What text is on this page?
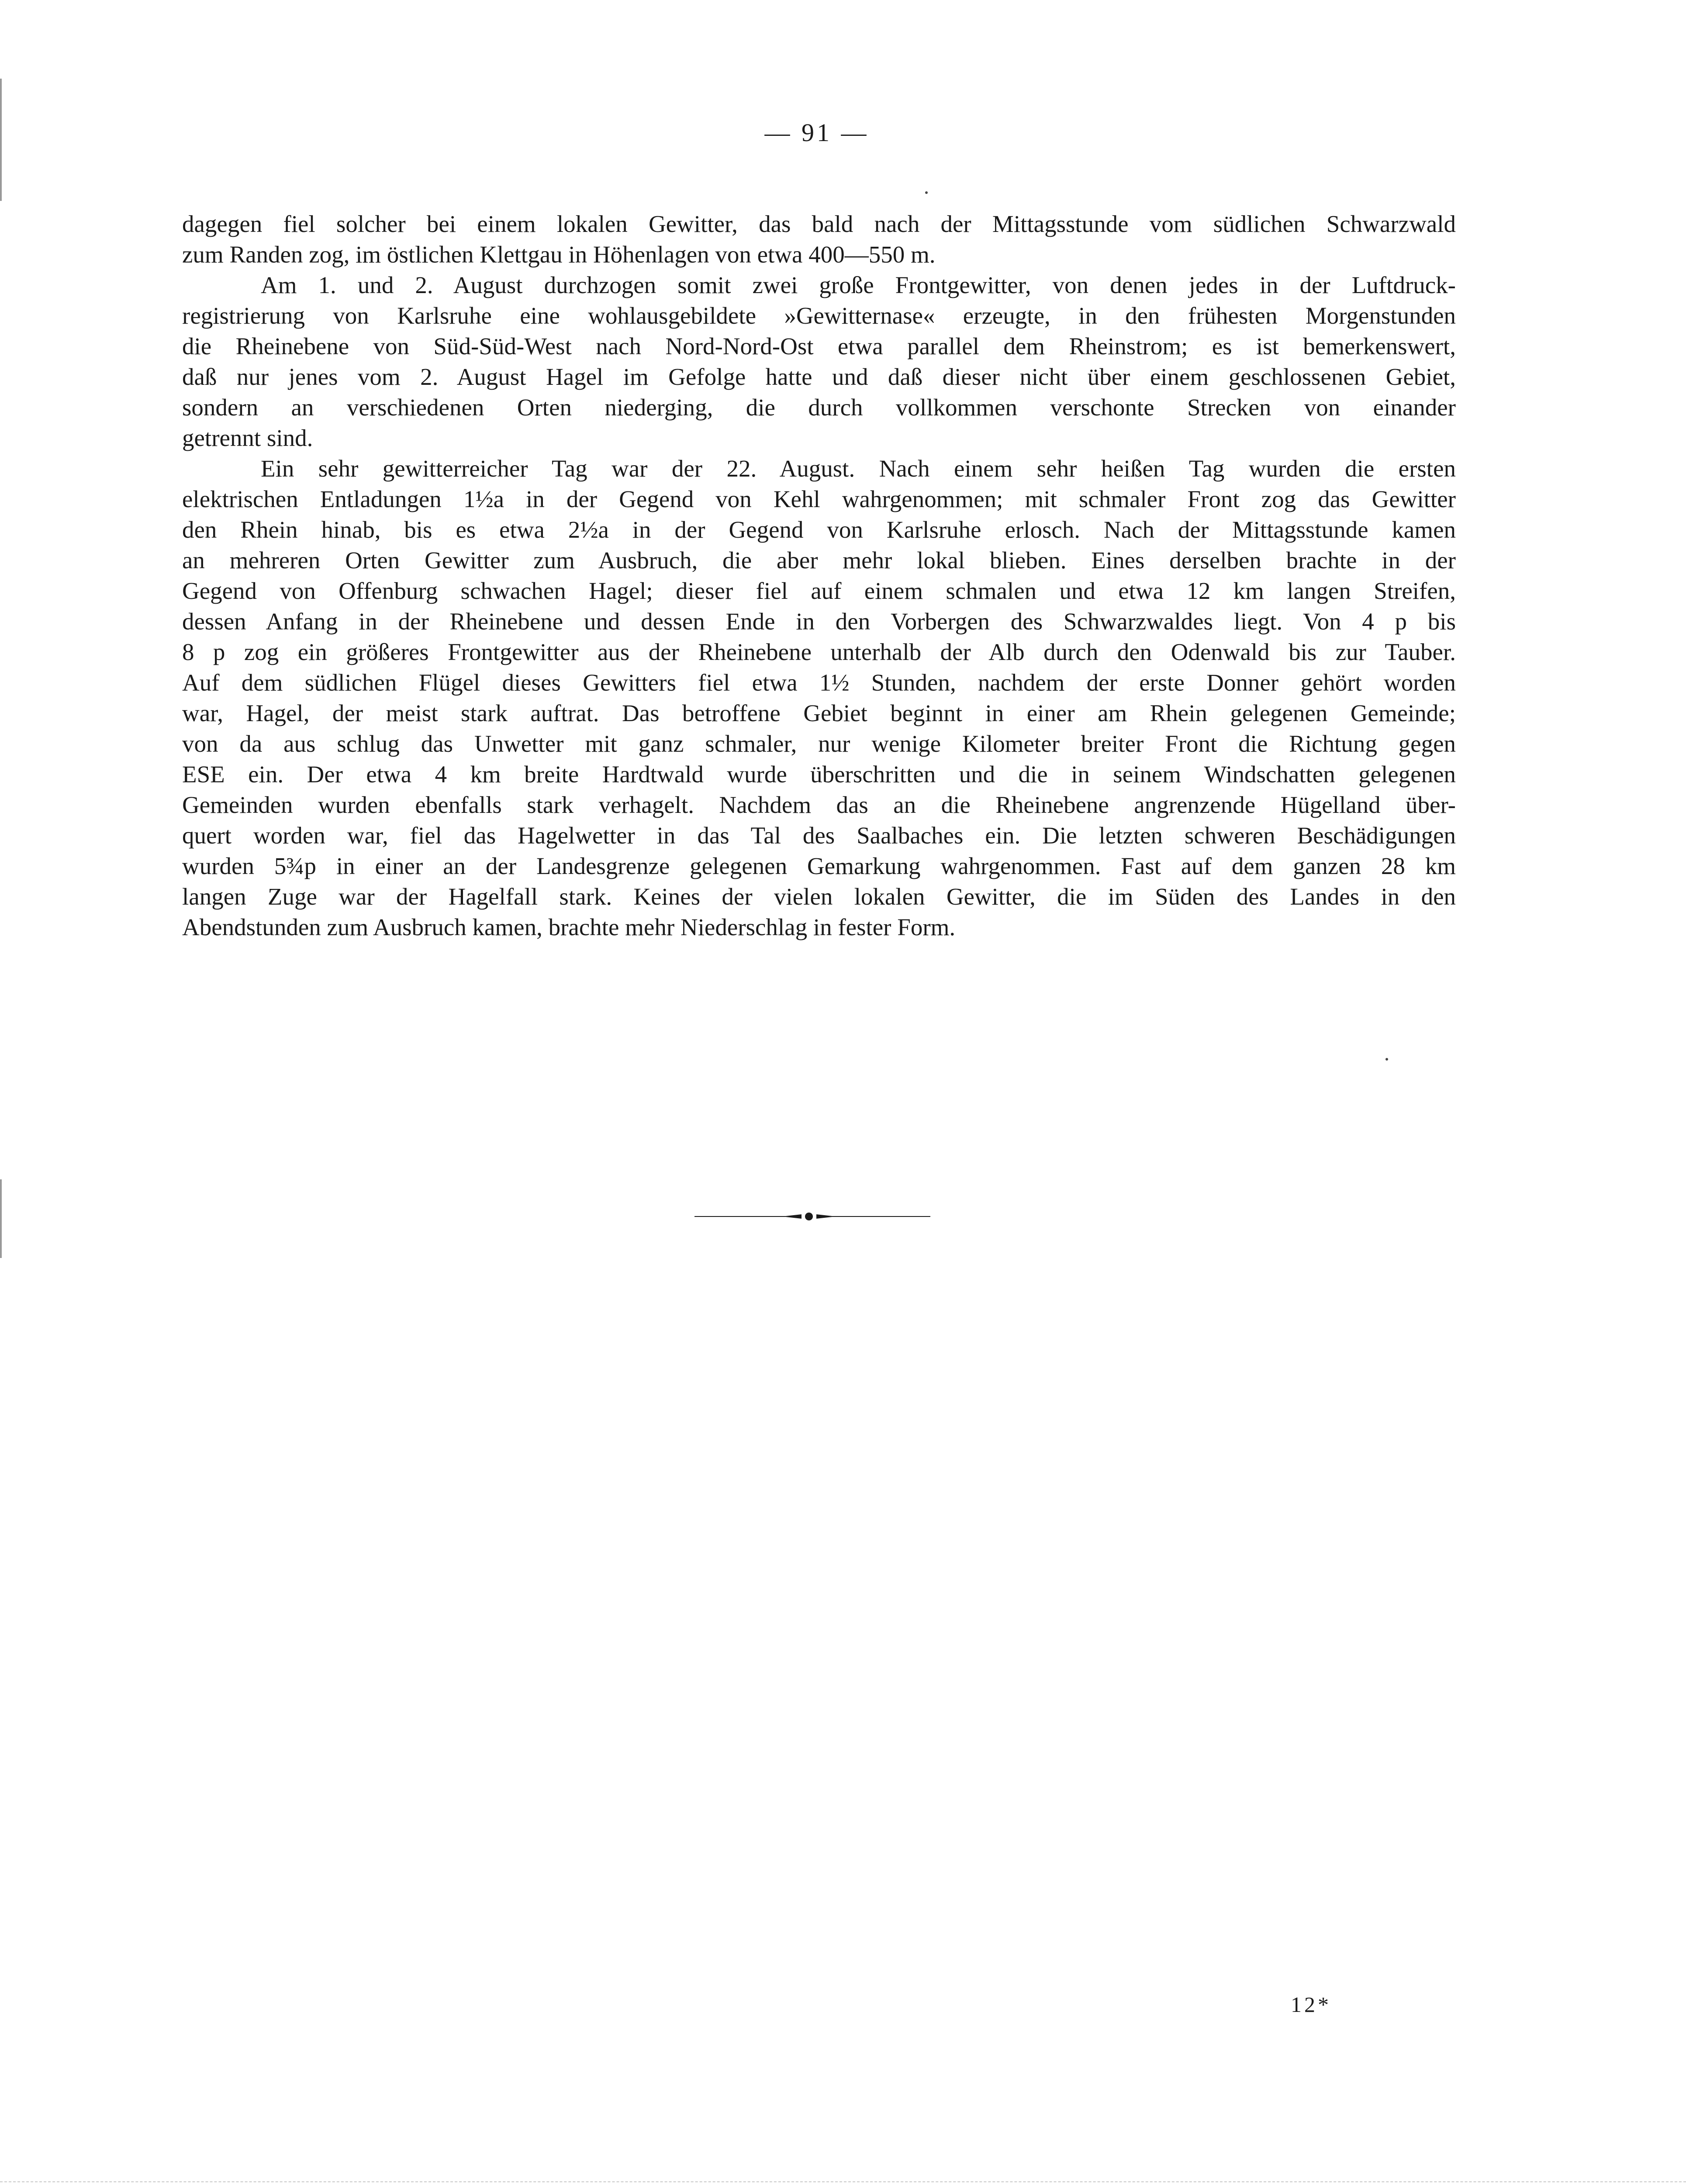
— 91 —

dagegen fiel solcher bei einem lokalen Gewitter, das bald nach der Mittagsstunde vom südlichen Schwarzwald
zum Randen zog, im östlichen Klettgau in Höhenlagen von etwa 400—550 m.

Am 1. und 2. August durchzogen somit zwei große Frontgewitter, von denen jedes in der Luftdruck-
registrierung von Karlsruhe eine wohlausgebildete »Gewitternase« erzeugte, in den frühesten Morgenstunden
die Rheinebene von Süd-Süd-West nach Nord-Nord-Ost etwa parallel dem Rheinstrom; es ist bemerkenswert,
daß nur jenes vom 2. August Hagel im Gefolge hatte und daß dieser nicht über einem geschlossenen Gebiet,
sondern an verschiedenen Orten niederging, die durch vollkommen verschonte Strecken von einander
getrennt sind.

Ein sehr gewitterreicher Tag war der 22. August. Nach einem sehr heißen Tag wurden die ersten
elektrischen Entladungen 1½a in der Gegend von Kehl wahrgenommen; mit schmaler Front zog das Gewitter
den Rhein hinab, bis es etwa 2½a in der Gegend von Karlsruhe erlosch. Nach der Mittagsstunde kamen
an mehreren Orten Gewitter zum Ausbruch, die aber mehr lokal blieben. Eines derselben brachte in der
Gegend von Offenburg schwachen Hagel; dieser fiel auf einem schmalen und etwa 12 km langen Streifen,
dessen Anfang in der Rheinebene und dessen Ende in den Vorbergen des Schwarzwaldes liegt. Von 4 p bis
8 p zog ein größeres Frontgewitter aus der Rheinebene unterhalb der Alb durch den Odenwald bis zur Tauber.
Auf dem südlichen Flügel dieses Gewitters fiel etwa 1½ Stunden, nachdem der erste Donner gehört worden
war, Hagel, der meist stark auftrat. Das betroffene Gebiet beginnt in einer am Rhein gelegenen Gemeinde;
von da aus schlug das Unwetter mit ganz schmaler, nur wenige Kilometer breiter Front die Richtung gegen
ESE ein. Der etwa 4 km breite Hardtwald wurde überschritten und die in seinem Windschatten gelegenen
Gemeinden wurden ebenfalls stark verhagelt. Nachdem das an die Rheinebene angrenzende Hügelland über-
quert worden war, fiel das Hagelwetter in das Tal des Saalbaches ein. Die letzten schweren Beschädigungen
wurden 5¾p in einer an der Landesgrenze gelegenen Gemarkung wahrgenommen. Fast auf dem ganzen 28 km
langen Zuge war der Hagelfall stark. Keines der vielen lokalen Gewitter, die im Süden des Landes in den
Abendstunden zum Ausbruch kamen, brachte mehr Niederschlag in fester Form.

12*
